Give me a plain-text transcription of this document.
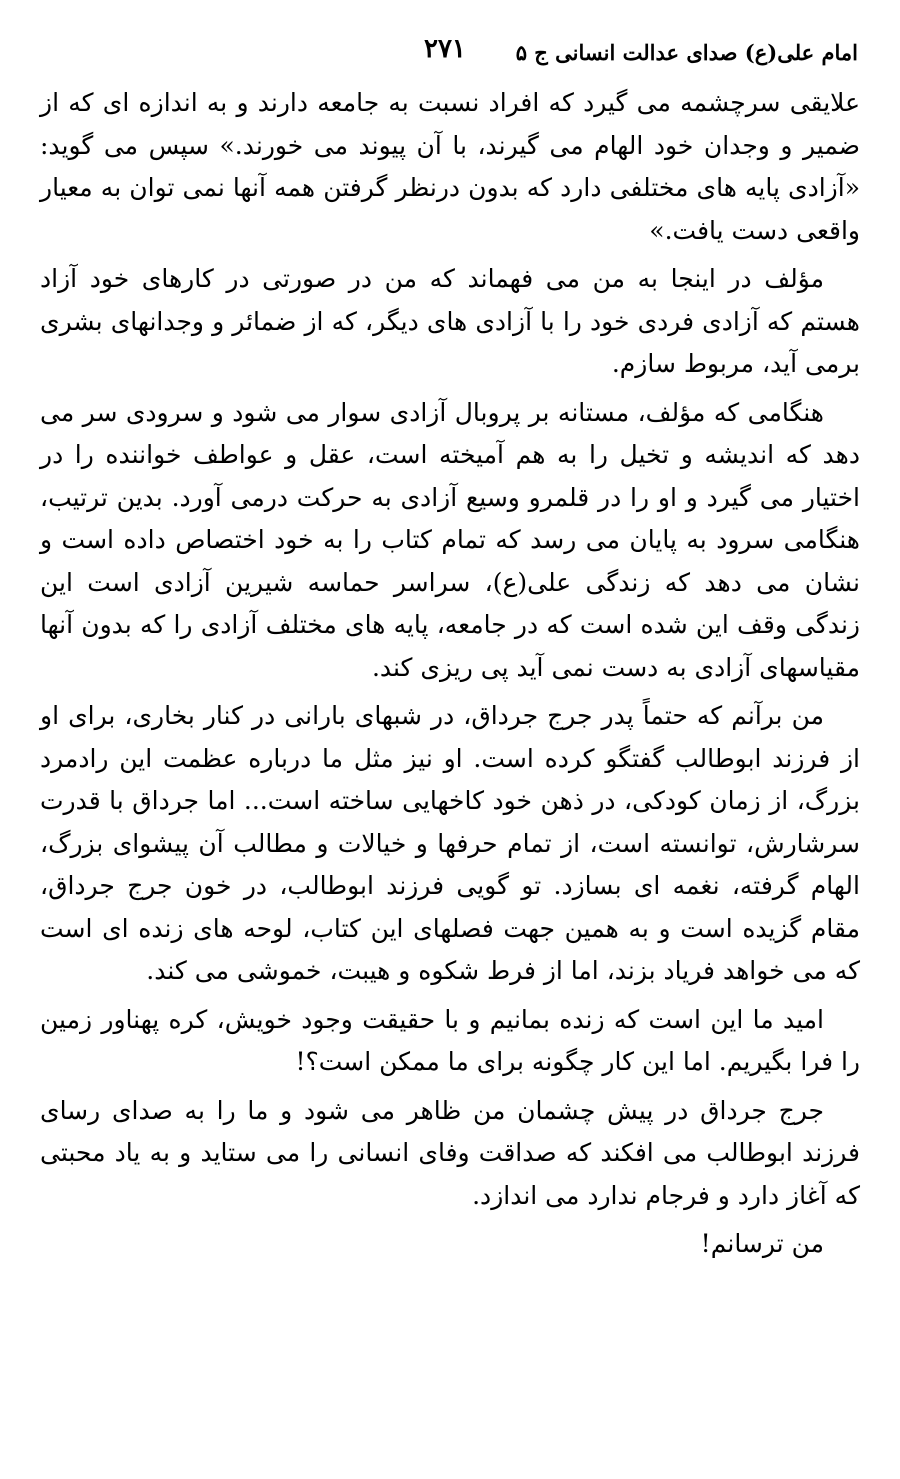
امام علی(ع) صدای عدالت انسانی ج ۵
۲۷۱

علایقی سرچشمه می گیرد که افراد نسبت به جامعه دارند و به اندازه ای که از ضمیر و وجدان خود الهام می گیرند، با آن پیوند می خورند.» سپس می گوید: «آزادی پایه های مختلفی دارد که بدون درنظر گرفتن همه آنها نمی توان به معیار واقعی دست یافت.»

مؤلف در اینجا به من می فهماند که من در صورتی در کارهای خود آزاد هستم که آزادی فردی خود را با آزادی های دیگر، که از ضمائر و وجدانهای بشری برمی آید، مربوط سازم.

هنگامی که مؤلف، مستانه بر پروبال آزادی سوار می شود و سرودی سر می دهد که اندیشه و تخیل را به هم آمیخته است، عقل و عواطف خواننده را در اختیار می گیرد و او را در قلمرو وسیع آزادی به حرکت درمی آورد. بدین ترتیب، هنگامی سرود به پایان می رسد که تمام کتاب را به خود اختصاص داده است و نشان می دهد که زندگی علی(ع)، سراسر حماسه شیرین آزادی است این زندگی وقف این شده است که در جامعه، پایه های مختلف آزادی را که بدون آنها مقیاسهای آزادی به دست نمی آید پی ریزی کند.

من برآنم که حتماً پدر جرج جرداق، در شبهای بارانی در کنار بخاری، برای او از فرزند ابوطالب گفتگو کرده است. او نیز مثل ما درباره عظمت این رادمرد بزرگ، از زمان کودکی، در ذهن خود کاخهایی ساخته است... اما جرداق با قدرت سرشارش، توانسته است، از تمام حرفها و خیالات و مطالب آن پیشوای بزرگ، الهام گرفته، نغمه ای بسازد. تو گویی فرزند ابوطالب، در خون جرج جرداق، مقام گزیده است و به همین جهت فصلهای این کتاب، لوحه های زنده ای است که می خواهد فریاد بزند، اما از فرط شکوه و هیبت، خموشی می کند.

امید ما این است که زنده بمانیم و با حقیقت وجود خویش، کره پهناور زمین را فرا بگیریم. اما این کار چگونه برای ما ممکن است؟!

جرج جرداق در پیش چشمان من ظاهر می شود و ما را به صدای رسای فرزند ابوطالب می افکند که صداقت وفای انسانی را می ستاید و به یاد محبتی که آغاز دارد و فرجام ندارد می اندازد.

من ترسانم!
